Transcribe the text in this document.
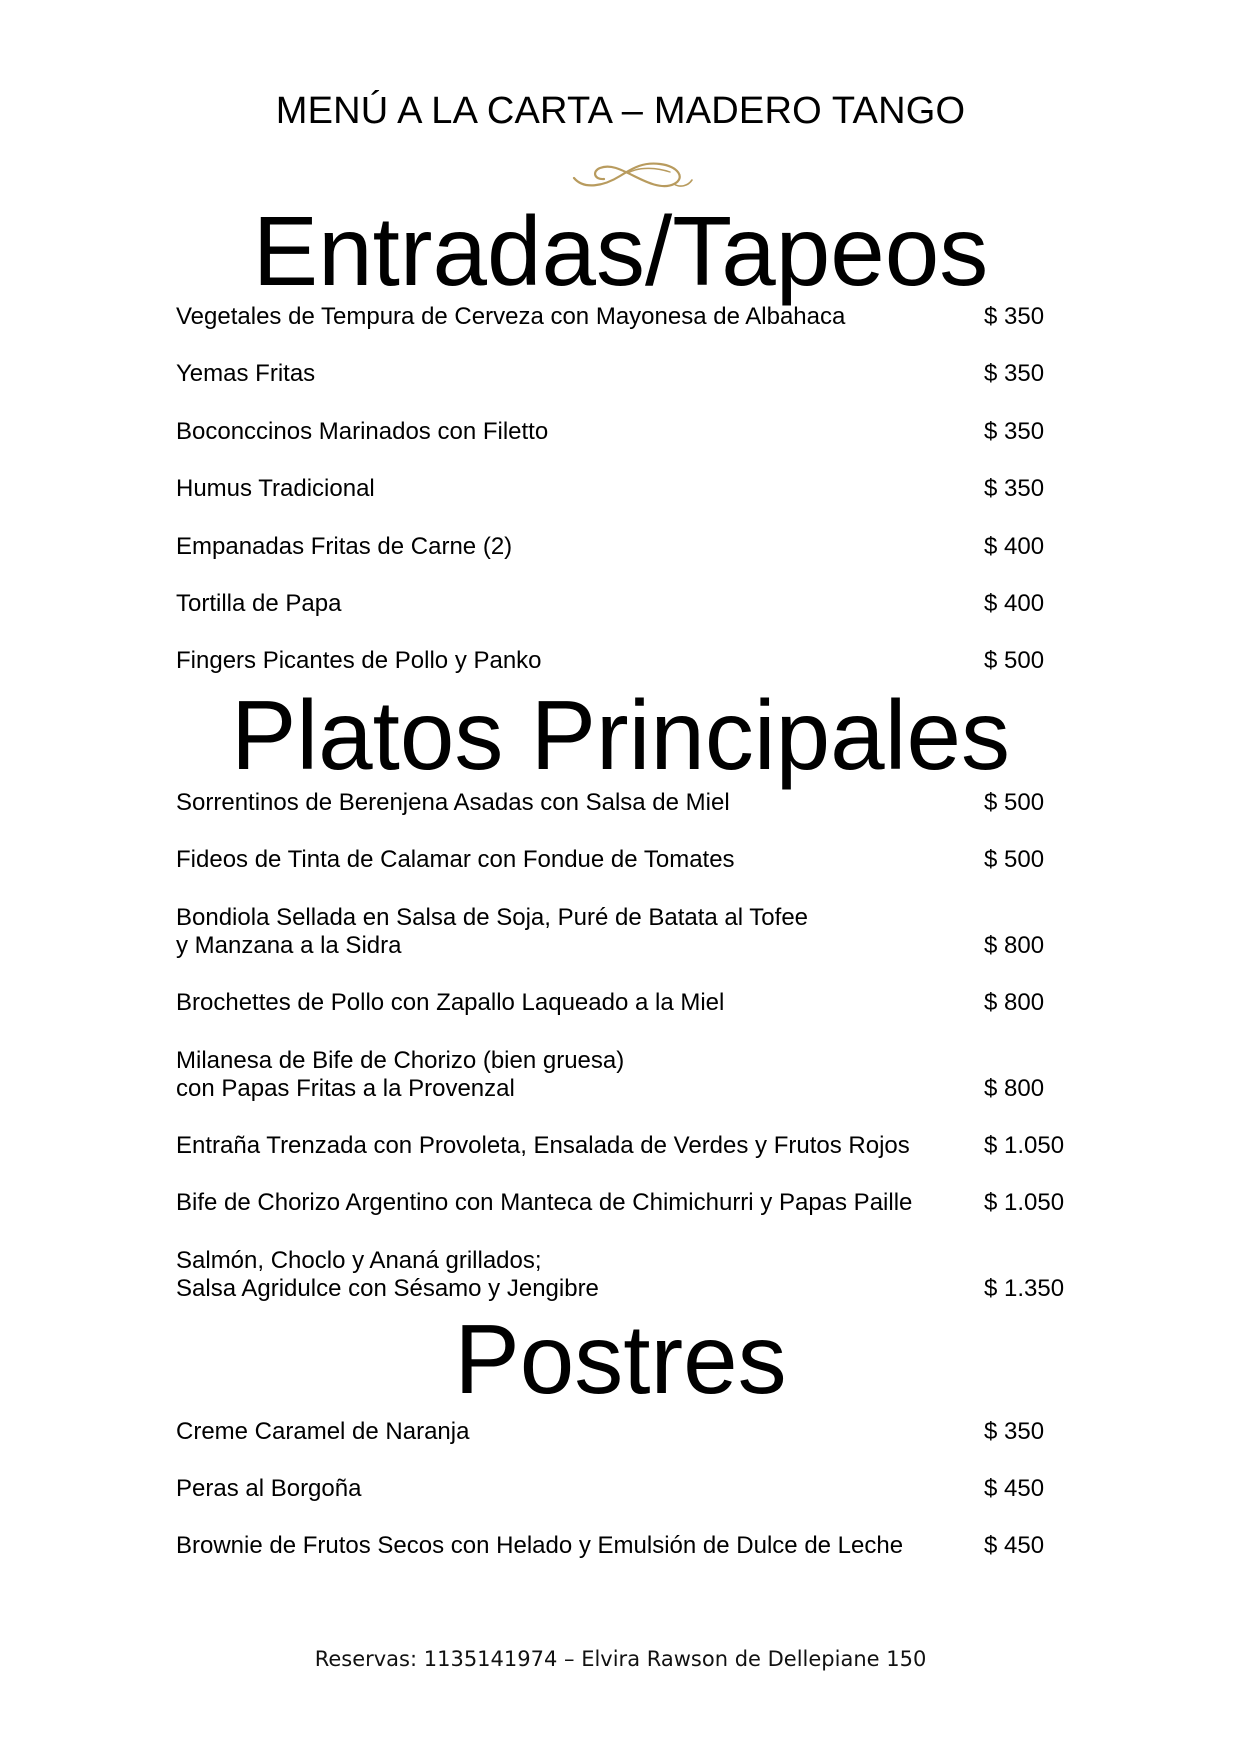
MENÚ A LA CARTA – MADERO TANGO
Entradas/Tapeos
Vegetales de Tempura de Cerveza con Mayonesa de Albahaca	$ 350
Yemas Fritas	$ 350
Boconccinos Marinados con Filetto	$ 350
Humus Tradicional	$ 350
Empanadas Fritas de Carne (2)	$ 400
Tortilla de Papa	$ 400
Fingers Picantes de Pollo y Panko	$ 500
Platos Principales
Sorrentinos de Berenjena Asadas con Salsa de Miel	$ 500
Fideos de Tinta de Calamar con Fondue de Tomates	$ 500
Bondiola Sellada en Salsa de Soja, Puré de Batata al Tofee
y Manzana a la Sidra	$ 800
Brochettes de Pollo con Zapallo Laqueado a la Miel	$ 800
Milanesa de Bife de Chorizo (bien gruesa)
con Papas Fritas a la Provenzal	$ 800
Entraña Trenzada con Provoleta, Ensalada de Verdes y Frutos Rojos	$ 1.050
Bife de Chorizo Argentino con Manteca de Chimichurri y Papas Paille	$ 1.050
Salmón, Choclo y Ananá grillados;
Salsa Agridulce con Sésamo y Jengibre	$ 1.350
Postres
Creme Caramel de Naranja	$ 350
Peras al Borgoña	$ 450
Brownie de Frutos Secos con Helado y Emulsión de Dulce de Leche	$ 450
Reservas: 1135141974 – Elvira Rawson de Dellepiane 150
